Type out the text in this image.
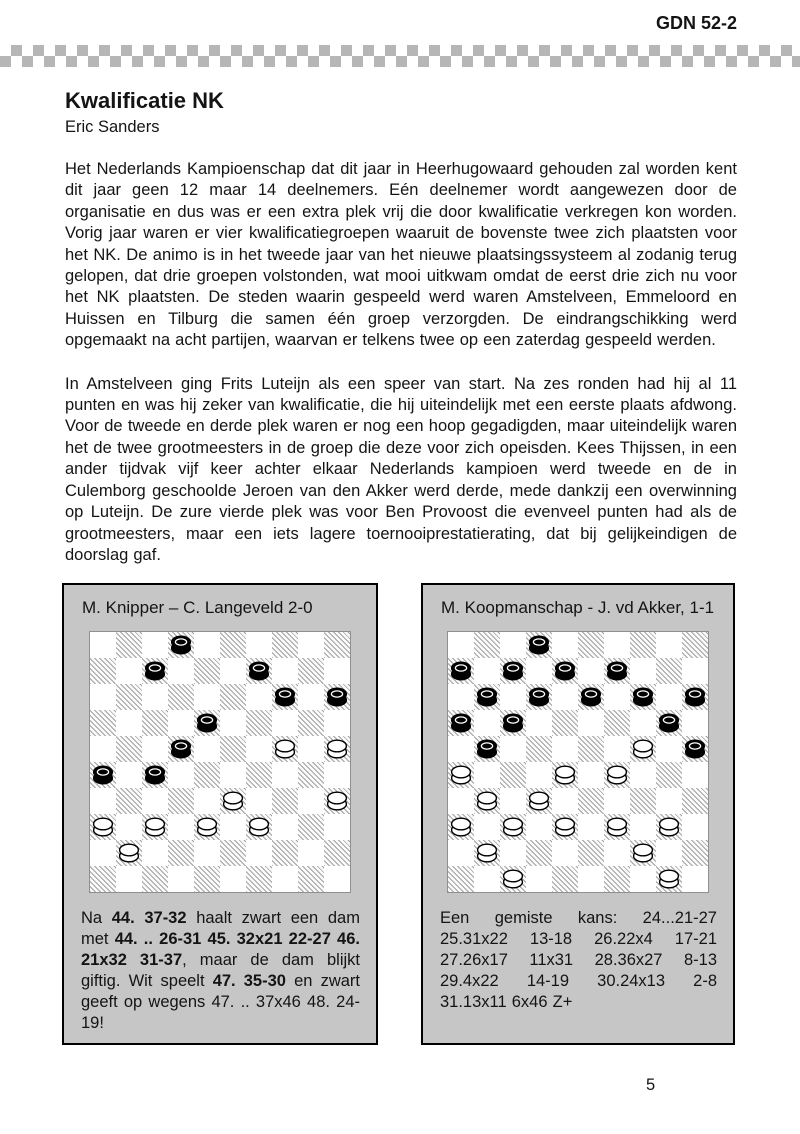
GDN 52-2
Kwalificatie NK
Eric Sanders

Het Nederlands Kampioenschap dat dit jaar in Heerhugowaard gehouden zal worden kent dit jaar geen 12 maar 14 deelnemers. Eén deelnemer wordt aangewezen door de organisatie en dus was er een extra plek vrij die door kwalificatie verkregen kon worden. Vorig jaar waren er vier kwalificatiegroepen waaruit de bovenste twee zich plaatsten voor het NK. De animo is in het tweede jaar van het nieuwe plaatsingssysteem al zodanig terug gelopen, dat drie groepen volstonden, wat mooi uitkwam omdat de eerst drie zich nu voor het NK plaatsten. De steden waarin gespeeld werd waren Amstelveen, Emmeloord en Huissen en Tilburg die samen één groep verzorgden. De eindrangschikking werd opgemaakt na acht partijen, waarvan er telkens twee op een zaterdag gespeeld werden.

In Amstelveen ging Frits Luteijn als een speer van start. Na zes ronden had hij al 11 punten en was hij zeker van kwalificatie, die hij uiteindelijk met een eerste plaats afdwong. Voor de tweede en derde plek waren er nog een hoop gegadigden, maar uiteindelijk waren het de twee grootmeesters in de groep die deze voor zich opeisden. Kees Thijssen, in een ander tijdvak vijf keer achter elkaar Nederlands kampioen werd tweede en de in Culemborg geschoolde Jeroen van den Akker werd derde, mede dankzij een overwinning op Luteijn. De zure vierde plek was voor Ben Provoost die evenveel punten had als de grootmeesters, maar een iets lagere toernooiprestatierating, dat bij gelijkeindigen de doorslag gaf.

M. Knipper – C. Langeveld 2-0
Na 44. 37-32 haalt zwart een dam met 44. .. 26-31 45. 32x21 22-27 46. 21x32 31-37, maar de dam blijkt giftig. Wit speelt 47. 35-30 en zwart geeft op wegens 47. .. 37x46 48. 24-19!
M. Koopmanschap - J. vd Akker, 1-1
Een gemiste kans: 24...21-27 25.31x22 13-18 26.22x4 17-21 27.26x17 11x31 28.36x27 8-13 29.4x22 14-19 30.24x13 2-8 31.13x11 6x46 Z+
5
